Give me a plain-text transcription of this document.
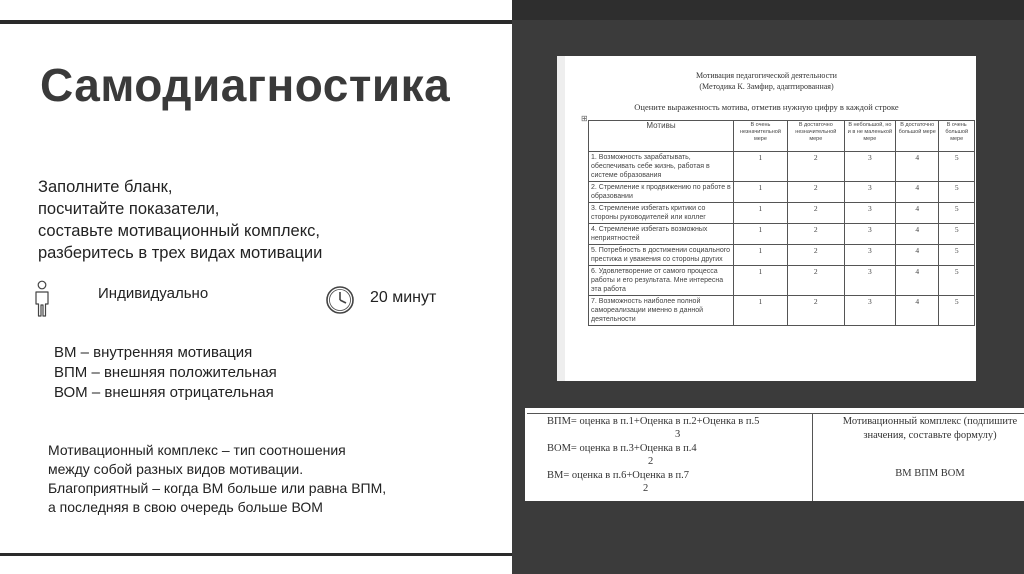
Самодиагностика
Заполните бланк,
посчитайте показатели,
составьте мотивационный комплекс,
разберитесь в трех видах мотивации
Индивидуально	20 минут
ВМ – внутренняя мотивация
ВПМ – внешняя положительная
ВОМ – внешняя отрицательная
Мотивационный комплекс – тип соотношения
между собой разных видов мотивации.
Благоприятный – когда ВМ больше или равна ВПМ,
а последняя в свою очередь больше ВОМ
Мотивация педагогической деятельности
(Методика К. Замфир, адаптированная)
Оцените выраженность мотива, отметив нужную цифру в каждой строке
⊞
Мотивы	В очень незначительной мере	В достаточно незначительной мере	В небольшой, но и в не маленькой мере	В достаточно большой мере	В очень большой мере
1. Возможность зарабатывать, обеспечивать себе жизнь, работая в системе образования	1	2	3	4	5
2. Стремление к продвижению по работе в образовании	1	2	3	4	5
3. Стремление избегать критики со стороны руководителей или коллег	1	2	3	4	5
4. Стремление избегать возможных неприятностей	1	2	3	4	5
5. Потребность в достижении социального престижа и уважения со стороны других	1	2	3	4	5
6. Удовлетворение от самого процесса работы и его результата. Мне интересна эта работа	1	2	3	4	5
7. Возможность наиболее полной самореализации именно в данной деятельности	1	2	3	4	5
ВПМ= оценка в п.1+Оценка в п.2+Оценка в п.5
3
ВОМ= оценка в п.3+Оценка в п.4
2
ВМ= оценка в п.6+Оценка в п.7
2
Мотивационный комплекс (подпишите
значения, составьте формулу)
ВМ ВПМ ВОМ
